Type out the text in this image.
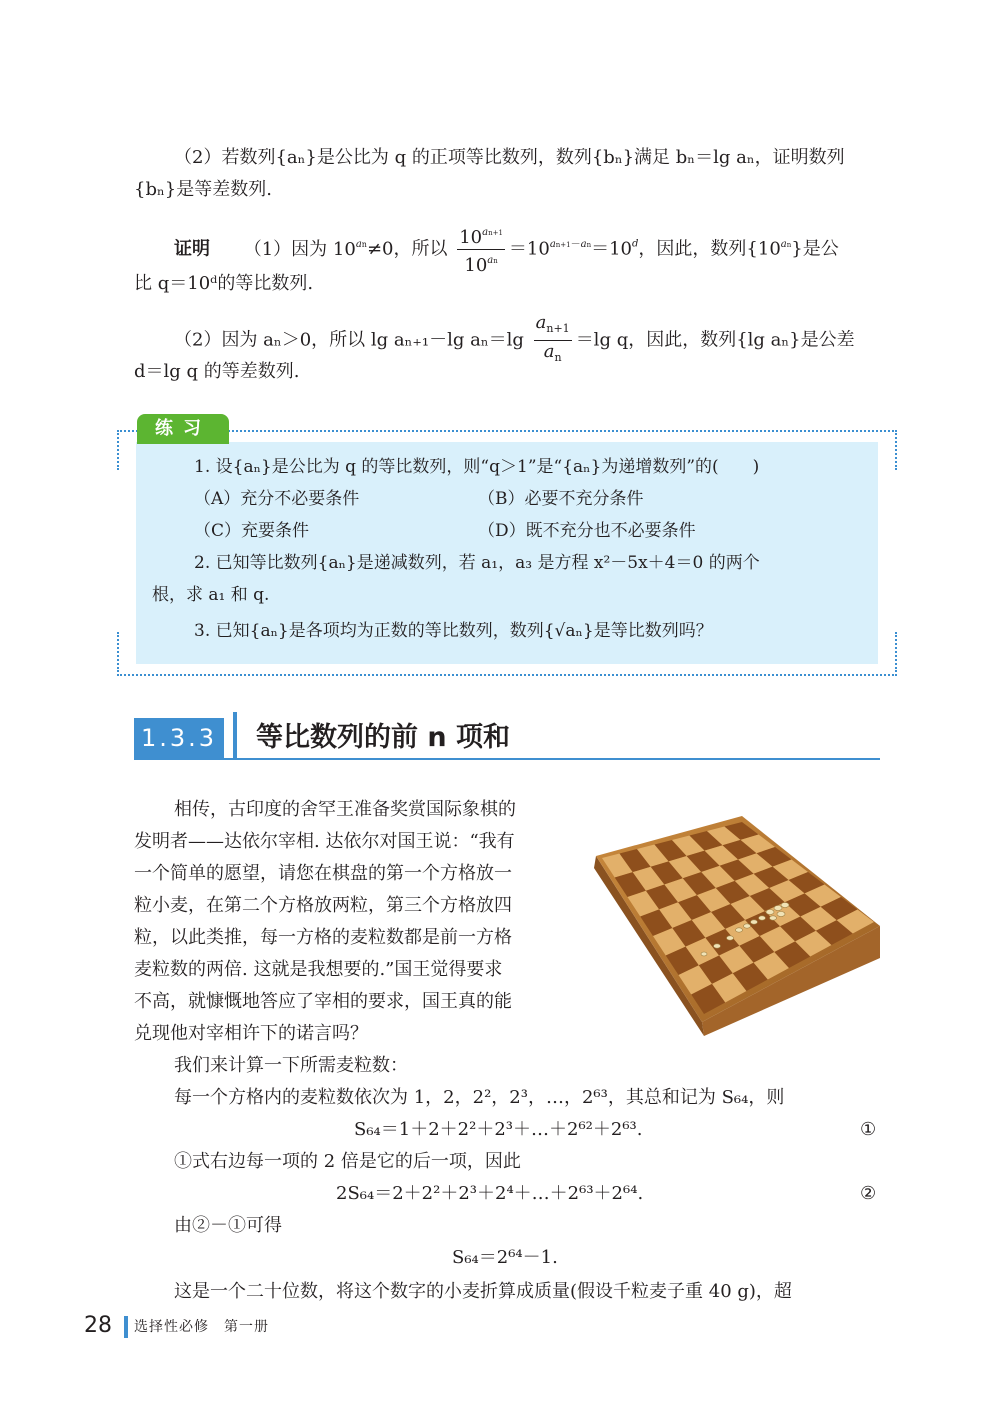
（2）若数列{aₙ}是公比为 q 的正项等比数列，数列{bₙ}满足 bₙ＝lg aₙ，证明数列
{bₙ}是等差数列.
证明 （1）因为 $10^{an}\ne 0$，所以 $\frac{10^{an+1}}{10^{an}} =10^{an+1-an}=10^d$，因此，数列$\{10^{an}\}$是公
比 q＝10ᵈ的等比数列.
（2）因为 aₙ＞0，所以 lg aₙ₊₁－lg $a_n=\lg \frac{a_{n+1}}{a_n} =\lg$ q，因此，数列{lg aₙ}是公差
d＝lg q 的等差数列.
练习
1. 设{aₙ}是公比为 q 的等比数列，则“q＞1”是“{aₙ}为递增数列”的(　　)
（A）充分不必要条件	（B）必要不充分条件
（C）充要条件	（D）既不充分也不必要条件
2. 已知等比数列{aₙ}是递减数列，若 a₁，a₃ 是方程 x²－5x＋4＝0 的两个
根，求 a₁ 和 q.
3. 已知{aₙ}是各项均为正数的等比数列，数列{√aₙ}是等比数列吗？
1.3.3 等比数列的前 n 项和
相传，古印度的舍罕王准备奖赏国际象棋的
发明者——达依尔宰相. 达依尔对国王说：“我有
一个简单的愿望，请您在棋盘的第一个方格放一
粒小麦，在第二个方格放两粒，第三个方格放四
粒，以此类推，每一方格的麦粒数都是前一方格
麦粒数的两倍. 这就是我想要的.”国王觉得要求
不高，就慷慨地答应了宰相的要求，国王真的能
兑现他对宰相许下的诺言吗？
我们来计算一下所需麦粒数：
每一个方格内的麦粒数依次为 1，2，2²，2³，…，2⁶³，其总和记为 S₆₄，则
S₆₄＝1＋2＋2²＋2³＋…＋2⁶²＋2⁶³.	①
①式右边每一项的 2 倍是它的后一项，因此
2S₆₄＝2＋2²＋2³＋2⁴＋…＋2⁶³＋2⁶⁴.	②
由②－①可得
S₆₄＝2⁶⁴－1.
这是一个二十位数，将这个数字的小麦折算成质量(假设千粒麦子重 40 g)，超
28 选择性必修　第一册
